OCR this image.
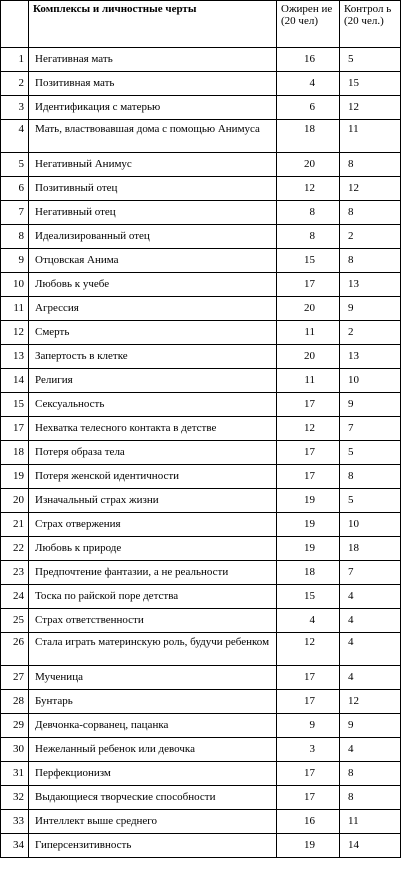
	Комплексы и личностные черты	Ожирен ие (20 чел)	Контрол ь (20 чел.)
1	Негативная мать	16	5
2	Позитивная мать	4	15
3	Идентификация с матерью	6	12
4	Мать, властвовавшая дома с помощью Анимуса	18	11
5	Негативный Анимус	20	8
6	Позитивный отец	12	12
7	Негативный отец	8	8
8	Идеализированный отец	8	2
9	Отцовская Анима	15	8
10	Любовь к учебе	17	13
11	Агрессия	20	9
12	Смерть	11	2
13	Запертость в клетке	20	13
14	Религия	11	10
15	Сексуальность	17	9
17	Нехватка телесного контакта в детстве	12	7
18	Потеря образа тела	17	5
19	Потеря женской идентичности	17	8
20	Изначальный страх жизни	19	5
21	Страх отвержения	19	10
22	Любовь к природе	19	18
23	Предпочтение фантазии, а не реальности	18	7
24	Тоска по райской поре детства	15	4
25	Страх ответственности	4	4
26	Стала играть материнскую роль, будучи ребенком	12	4
27	Мученица	17	4
28	Бунтарь	17	12
29	Девчонка-сорванец, пацанка	9	9
30	Нежеланный ребенок или девочка	3	4
31	Перфекционизм	17	8
32	Выдающиеся творческие способности	17	8
33	Интеллект выше среднего	16	11
34	Гиперсензитивность	19	14
